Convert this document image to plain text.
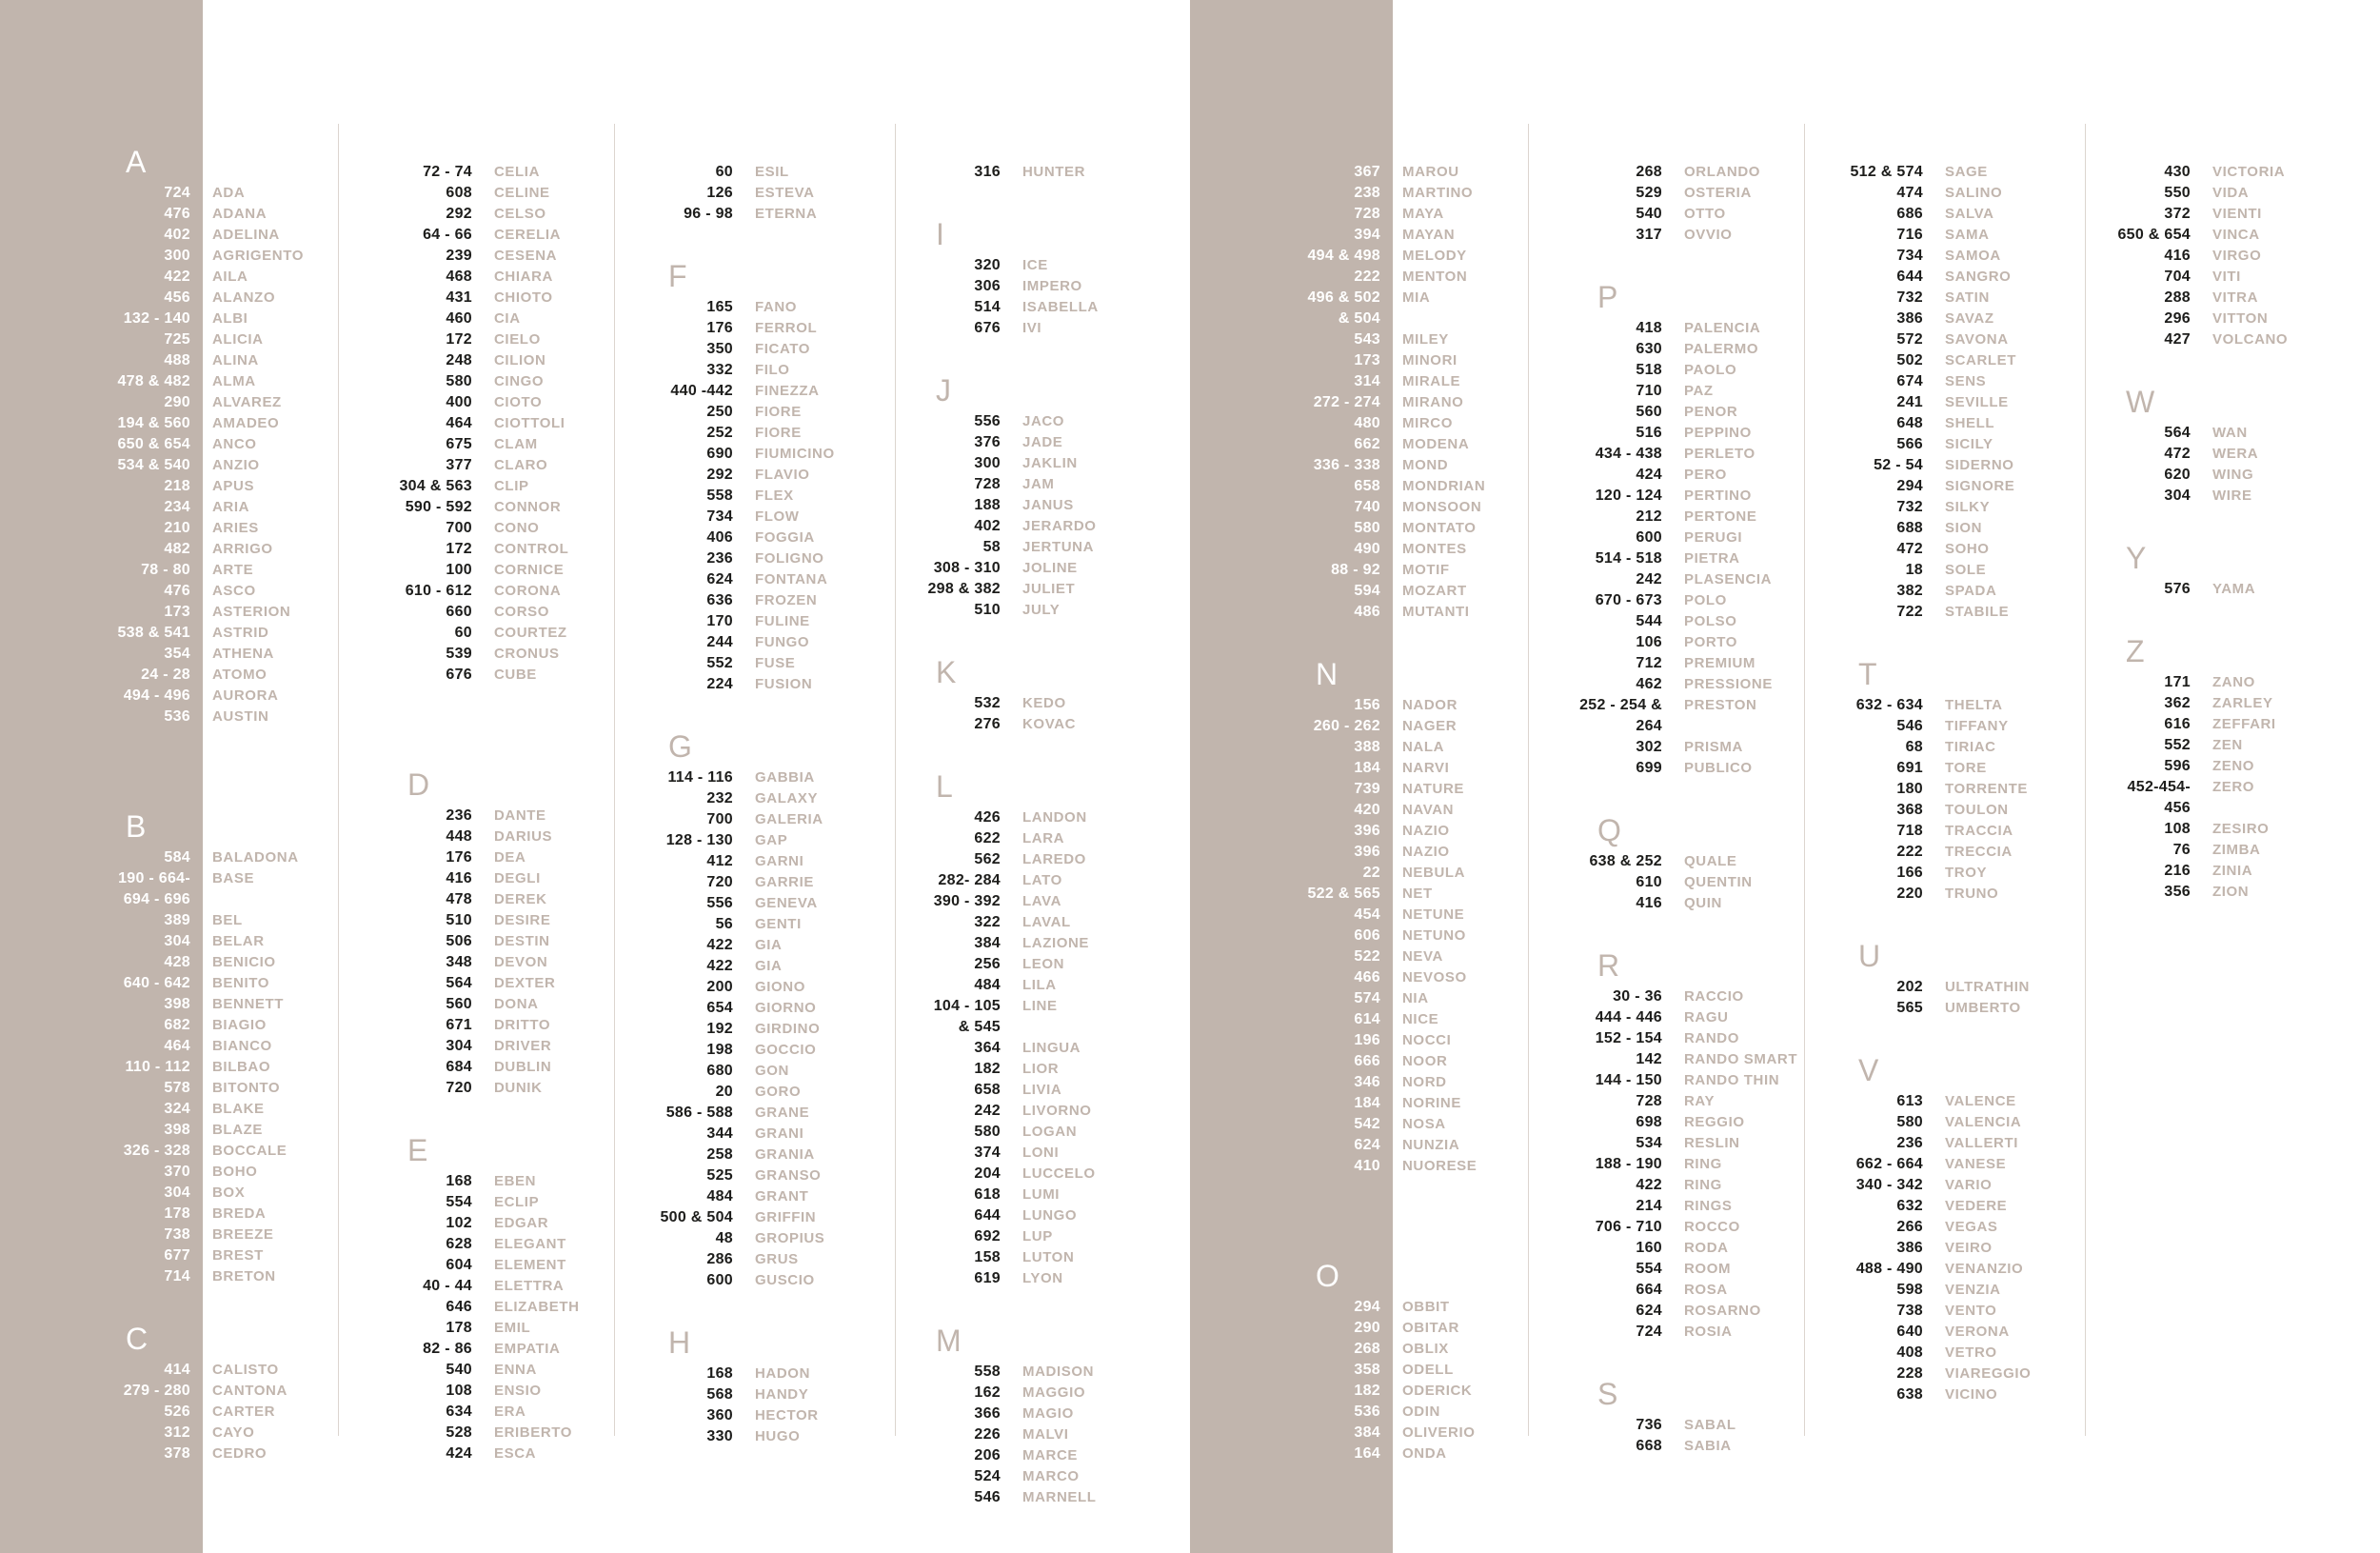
A
724 ADA
476 ADANA
402 ADELINA
300 AGRIGENTO
422 AILA
456 ALANZO
132 - 140 ALBI
725 ALICIA
488 ALINA
478 & 482 ALMA
290 ALVAREZ
194 & 560 AMADEO
650 & 654 ANCO
534 & 540 ANZIO
218 APUS
234 ARIA
210 ARIES
482 ARRIGO
78 - 80 ARTE
476 ASCO
173 ASTERION
538 & 541 ASTRID
354 ATHENA
24 - 28 ATOMO
494 - 496 AURORA
536 AUSTIN
B
584 BALADONA
190 - 664- BASE
694 - 696
389 BEL
304 BELAR
428 BENICIO
640 - 642 BENITO
398 BENNETT
682 BIAGIO
464 BIANCO
110 - 112 BILBAO
578 BITONTO
324 BLAKE
398 BLAZE
326 - 328 BOCCALE
370 BOHO
304 BOX
178 BREDA
738 BREEZE
677 BREST
714 BRETON
C
414 CALISTO
279 - 280 CANTONA
526 CARTER
312 CAYO
378 CEDRO
72 - 74 CELIA
608 CELINE
292 CELSO
64 - 66 CERELIA
239 CESENA
468 CHIARA
431 CHIOTO
460 CIA
172 CIELO
248 CILION
580 CINGO
400 CIOTO
464 CIOTTOLI
675 CLAM
377 CLARO
304 & 563 CLIP
590 - 592 CONNOR
700 CONO
172 CONTROL
100 CORNICE
610 - 612 CORONA
660 CORSO
60 COURTEZ
539 CRONUS
676 CUBE
D
236 DANTE
448 DARIUS
176 DEA
416 DEGLI
478 DEREK
510 DESIRE
506 DESTIN
348 DEVON
564 DEXTER
560 DONA
671 DRITTO
304 DRIVER
684 DUBLIN
720 DUNIK
E
168 EBEN
554 ECLIP
102 EDGAR
628 ELEGANT
604 ELEMENT
40 - 44 ELETTRA
646 ELIZABETH
178 EMIL
82 - 86 EMPATIA
540 ENNA
108 ENSIO
634 ERA
528 ERIBERTO
424 ESCA
60 ESIL
126 ESTEVA
96 - 98 ETERNA
F
165 FANO
176 FERROL
350 FICATO
332 FILO
440 -442 FINEZZA
250 FIORE
252 FIORE
690 FIUMICINO
292 FLAVIO
558 FLEX
734 FLOW
406 FOGGIA
236 FOLIGNO
624 FONTANA
636 FROZEN
170 FULINE
244 FUNGO
552 FUSE
224 FUSION
G
114 - 116 GABBIA
232 GALAXY
700 GALERIA
128 - 130 GAP
412 GARNI
720 GARRIE
556 GENEVA
56 GENTI
422 GIA
422 GIA
200 GIONO
654 GIORNO
192 GIRDINO
198 GOCCIO
680 GON
20 GORO
586 - 588 GRANE
344 GRANI
258 GRANIA
525 GRANSO
484 GRANT
500 & 504 GRIFFIN
48 GROPIUS
286 GRUS
600 GUSCIO
H
168 HADON
568 HANDY
360 HECTOR
330 HUGO
316 HUNTER
I
320 ICE
306 IMPERO
514 ISABELLA
676 IVI
J
556 JACO
376 JADE
300 JAKLIN
728 JAM
188 JANUS
402 JERARDO
58 JERTUNA
308 - 310 JOLINE
298 & 382 JULIET
510 JULY
K
532 KEDO
276 KOVAC
L
426 LANDON
622 LARA
562 LAREDO
282- 284 LATO
390 - 392 LAVA
322 LAVAL
384 LAZIONE
256 LEON
484 LILA
104 - 105 LINE
& 545
364 LINGUA
182 LIOR
658 LIVIA
242 LIVORNO
580 LOGAN
374 LONI
204 LUCCELO
618 LUMI
644 LUNGO
692 LUP
158 LUTON
619 LYON
M
558 MADISON
162 MAGGIO
366 MAGIO
226 MALVI
206 MARCE
524 MARCO
546 MARNELL
367 MAROU
238 MARTINO
728 MAYA
394 MAYAN
494 & 498 MELODY
222 MENTON
496 & 502 MIA
& 504
543 MILEY
173 MINORI
314 MIRALE
272 - 274 MIRANO
480 MIRCO
662 MODENA
336 - 338 MOND
658 MONDRIAN
740 MONSOON
580 MONTATO
490 MONTES
88 - 92 MOTIF
594 MOZART
486 MUTANTI
N
156 NADOR
260 - 262 NAGER
388 NALA
184 NARVI
739 NATURE
420 NAVAN
396 NAZIO
396 NAZIO
22 NEBULA
522 & 565 NET
454 NETUNE
606 NETUNO
522 NEVA
466 NEVOSO
574 NIA
614 NICE
196 NOCCI
666 NOOR
346 NORD
184 NORINE
542 NOSA
624 NUNZIA
410 NUORESE
O
294 OBBIT
290 OBITAR
268 OBLIX
358 ODELL
182 ODERICK
536 ODIN
384 OLIVERIO
164 ONDA
268 ORLANDO
529 OSTERIA
540 OTTO
317 OVVIO
P
418 PALENCIA
630 PALERMO
518 PAOLO
710 PAZ
560 PENOR
516 PEPPINO
434 - 438 PERLETO
424 PERO
120 - 124 PERTINO
212 PERTONE
600 PERUGI
514 - 518 PIETRA
242 PLASENCIA
670 - 673 POLO
544 POLSO
106 PORTO
712 PREMIUM
462 PRESSIONE
252 - 254 & PRESTON
264
302 PRISMA
699 PUBLICO
Q
638 & 252 QUALE
610 QUENTIN
416 QUIN
R
30 - 36 RACCIO
444 - 446 RAGU
152 - 154 RANDO
142 RANDO SMART
144 - 150 RANDO THIN
728 RAY
698 REGGIO
534 RESLIN
188 - 190 RING
422 RING
214 RINGS
706 - 710 ROCCO
160 RODA
554 ROOM
664 ROSA
624 ROSARNO
724 ROSIA
S
736 SABAL
668 SABIA
512 & 574 SAGE
474 SALINO
686 SALVA
716 SAMA
734 SAMOA
644 SANGRO
732 SATIN
386 SAVAZ
572 SAVONA
502 SCARLET
674 SENS
241 SEVILLE
648 SHELL
566 SICILY
52 - 54 SIDERNO
294 SIGNORE
732 SILKY
688 SION
472 SOHO
18 SOLE
382 SPADA
722 STABILE
T
632 - 634 THELTA
546 TIFFANY
68 TIRIAC
691 TORE
180 TORRENTE
368 TOULON
718 TRACCIA
222 TRECCIA
166 TROY
220 TRUNO
U
202 ULTRATHIN
565 UMBERTO
V
613 VALENCE
580 VALENCIA
236 VALLERTI
662 - 664 VANESE
340 - 342 VARIO
632 VEDERE
266 VEGAS
386 VEIRO
488 - 490 VENANZIO
598 VENZIA
738 VENTO
640 VERONA
408 VETRO
228 VIAREGGIO
638 VICINO
430 VICTORIA
550 VIDA
372 VIENTI
650 & 654 VINCA
416 VIRGO
704 VITI
288 VITRA
296 VITTON
427 VOLCANO
W
564 WAN
472 WERA
620 WING
304 WIRE
Y
576 YAMA
Z
171 ZANO
362 ZARLEY
616 ZEFFARI
552 ZEN
596 ZENO
452-454- ZERO
456
108 ZESIRO
76 ZIMBA
216 ZINIA
356 ZION
